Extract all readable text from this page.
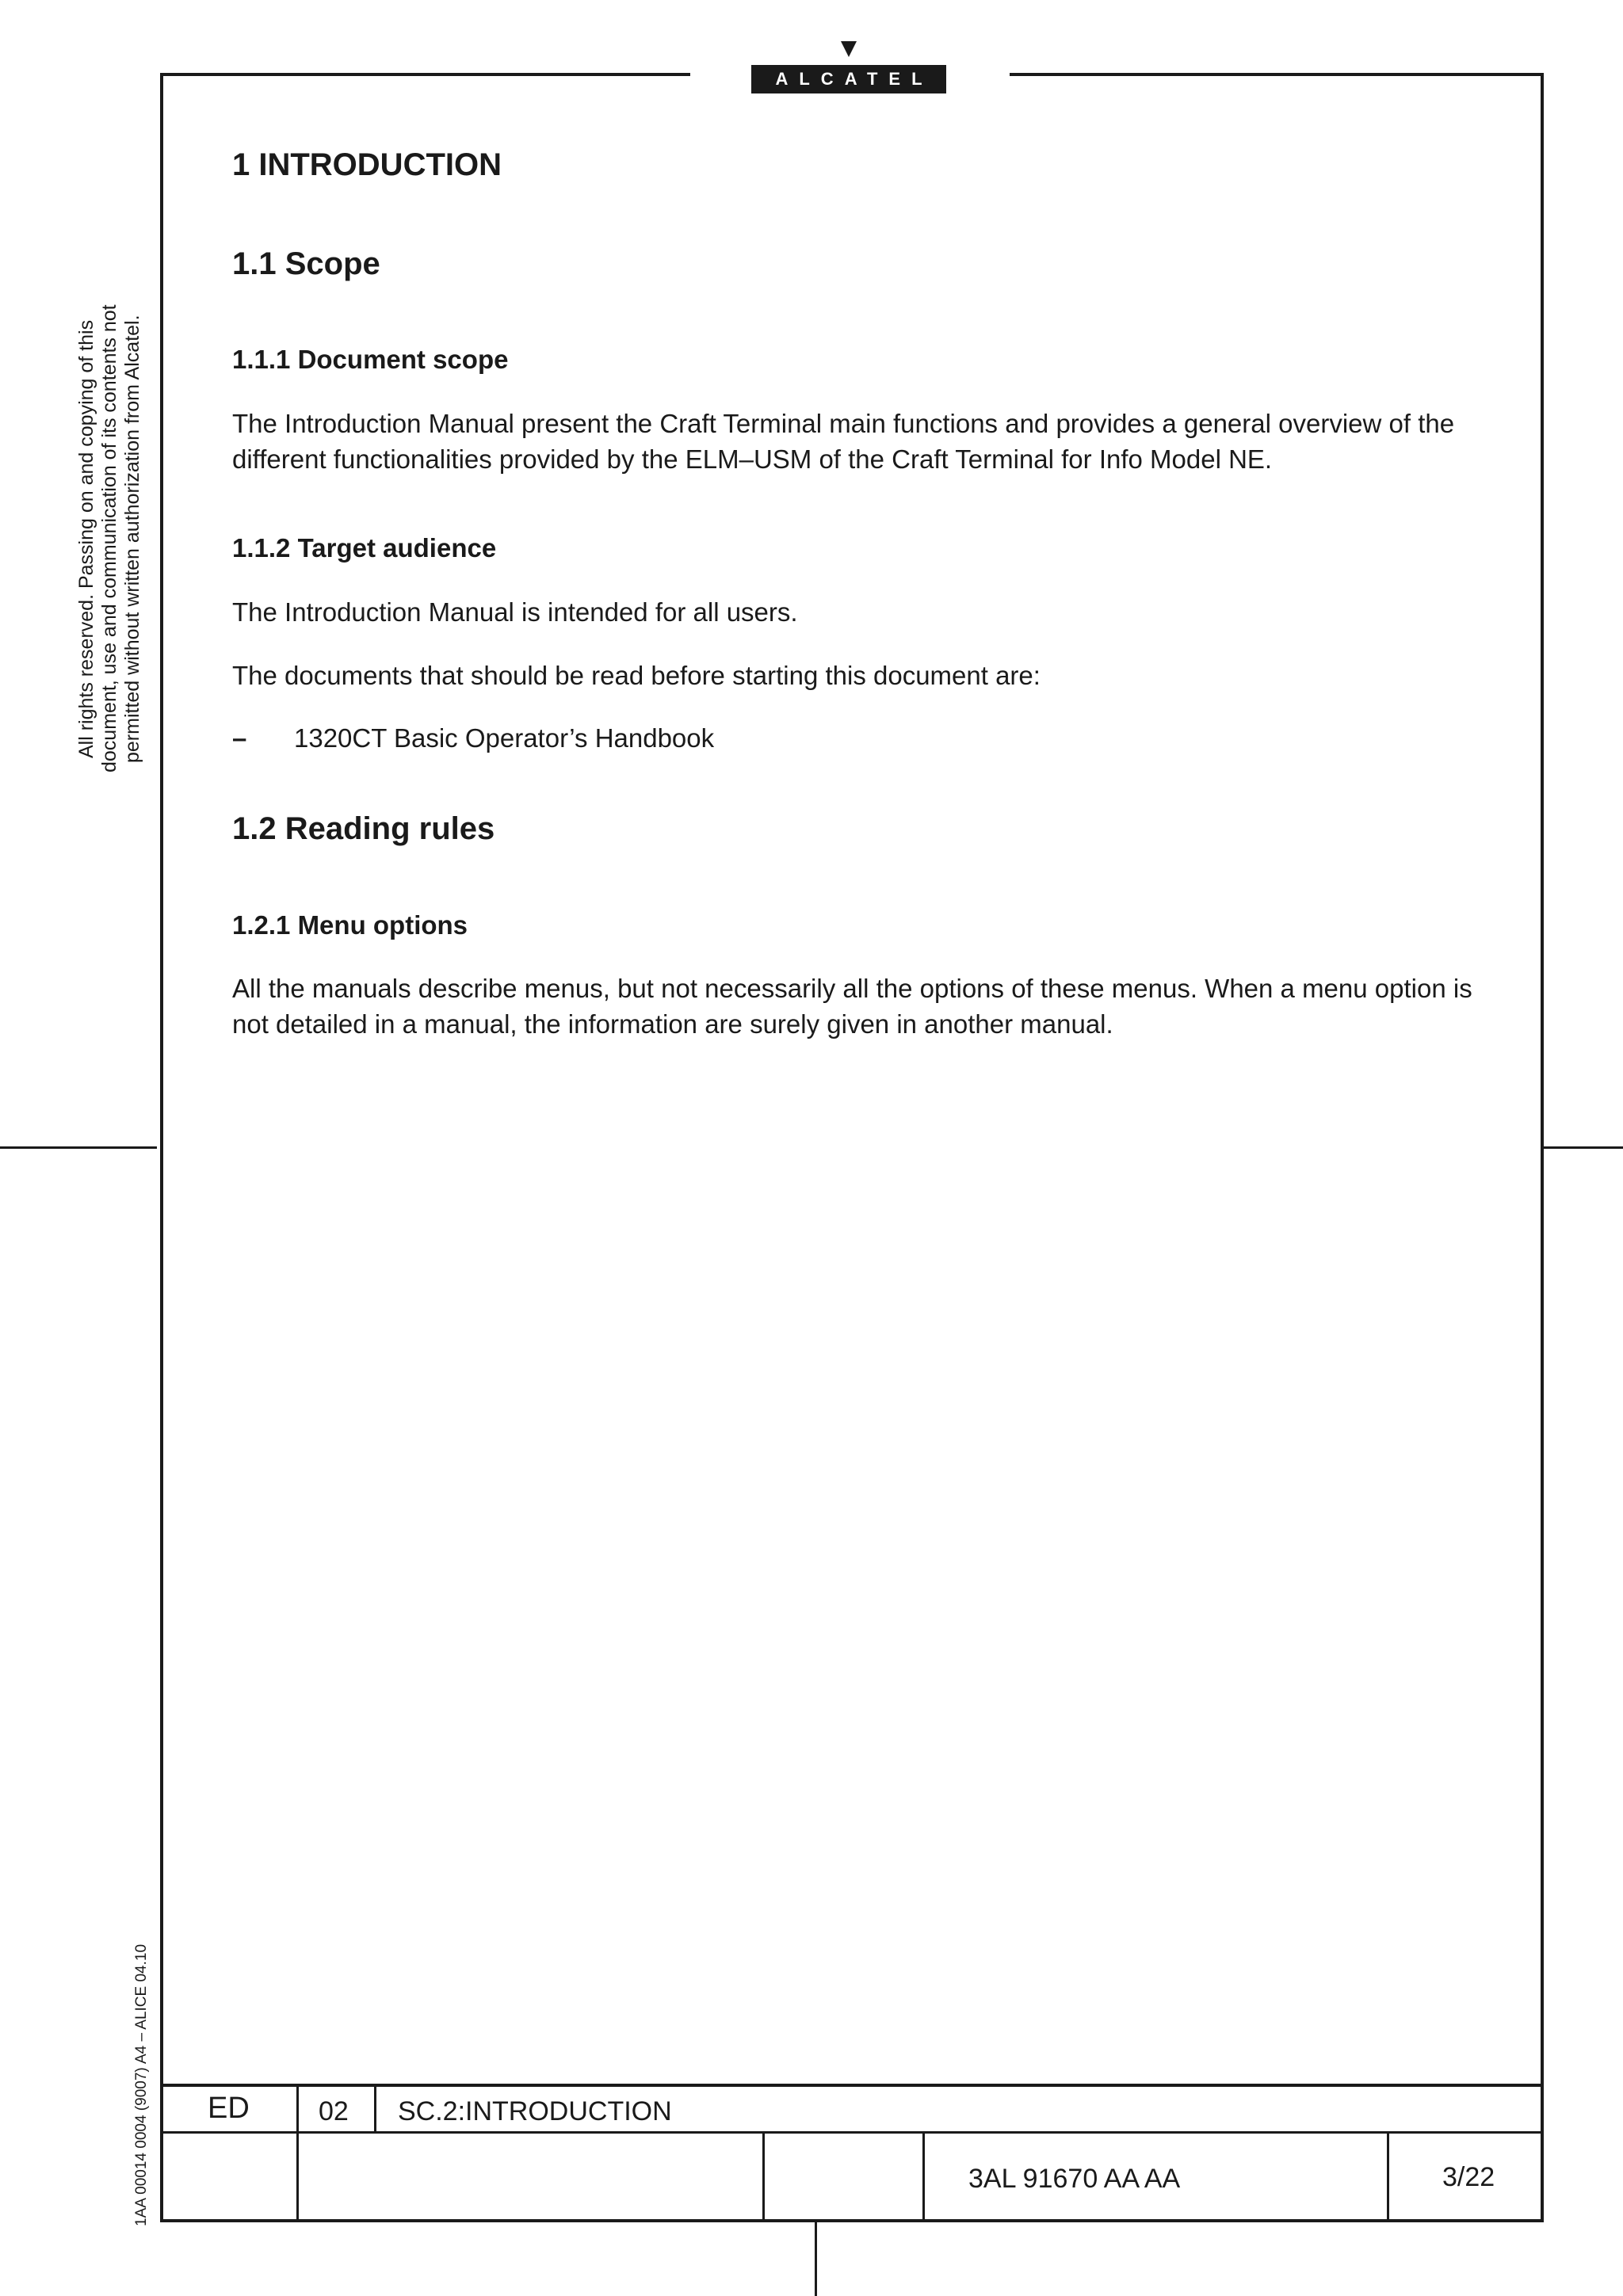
ALCATEL
All rights reserved. Passing on and copying of this document, use and communication of its contents not permitted without written authorization from Alcatel.
1AA 00014 0004 (9007) A4 – ALICE 04.10
1 INTRODUCTION
1.1 Scope
1.1.1 Document scope

The Introduction Manual present the Craft Terminal main functions and provides a general overview of the different functionalities provided by the ELM–USM of the Craft Terminal for Info Model NE.

1.1.2 Target audience

The Introduction Manual is intended for all users.

The documents that should be read before starting this document are:

– 1320CT Basic Operator’s Handbook
1.2 Reading rules
1.2.1 Menu options

All the manuals describe menus, but not necessarily all the options of these menus. When a menu option is not detailed in a manual, the information are surely given in another manual.

ED	02 SC.2:INTRODUCTION
3AL 91670 AA AA	3/22
